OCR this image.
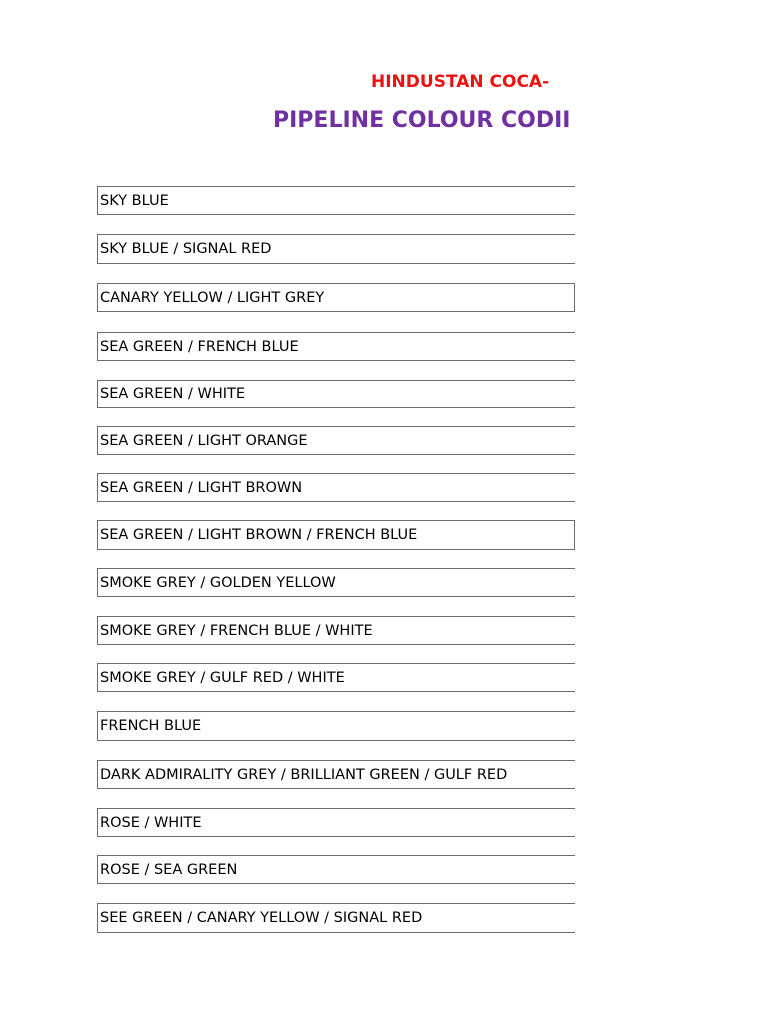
HINDUSTAN COCA-
PIPELINE COLOUR CODII
SKY BLUE
SKY BLUE / SIGNAL RED
CANARY YELLOW / LIGHT GREY
SEA GREEN / FRENCH BLUE
SEA GREEN / WHITE
SEA GREEN / LIGHT ORANGE
SEA GREEN / LIGHT BROWN
SEA GREEN / LIGHT BROWN / FRENCH BLUE
SMOKE GREY / GOLDEN YELLOW
SMOKE GREY / FRENCH BLUE / WHITE
SMOKE GREY / GULF RED / WHITE
FRENCH BLUE
DARK ADMIRALITY GREY / BRILLIANT GREEN / GULF RED
ROSE / WHITE
ROSE / SEA GREEN
SEE GREEN / CANARY YELLOW / SIGNAL RED
